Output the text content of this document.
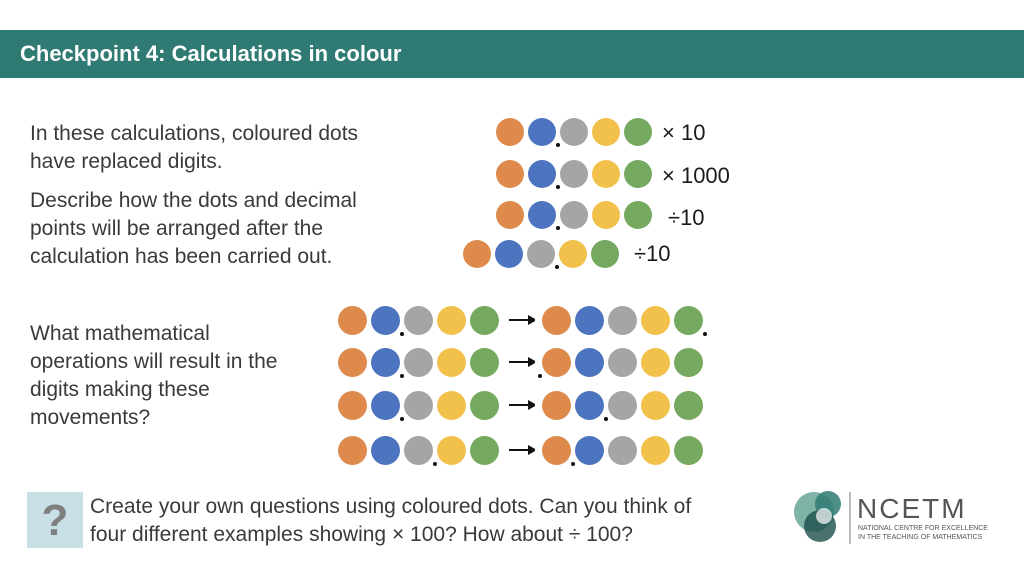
Checkpoint 4: Calculations in colour

In these calculations, coloured dots
have replaced digits.

Describe how the dots and decimal
points will be arranged after the
calculation has been carried out.

What mathematical
operations will result in the
digits making these
movements?

× 10
× 1000
÷10
÷10
?	Create your own questions using coloured dots. Can you think of
four different examples showing × 100? How about ÷ 100?

NCETM
NATIONAL CENTRE FOR EXCELLENCE
IN THE TEACHING OF MATHEMATICS
